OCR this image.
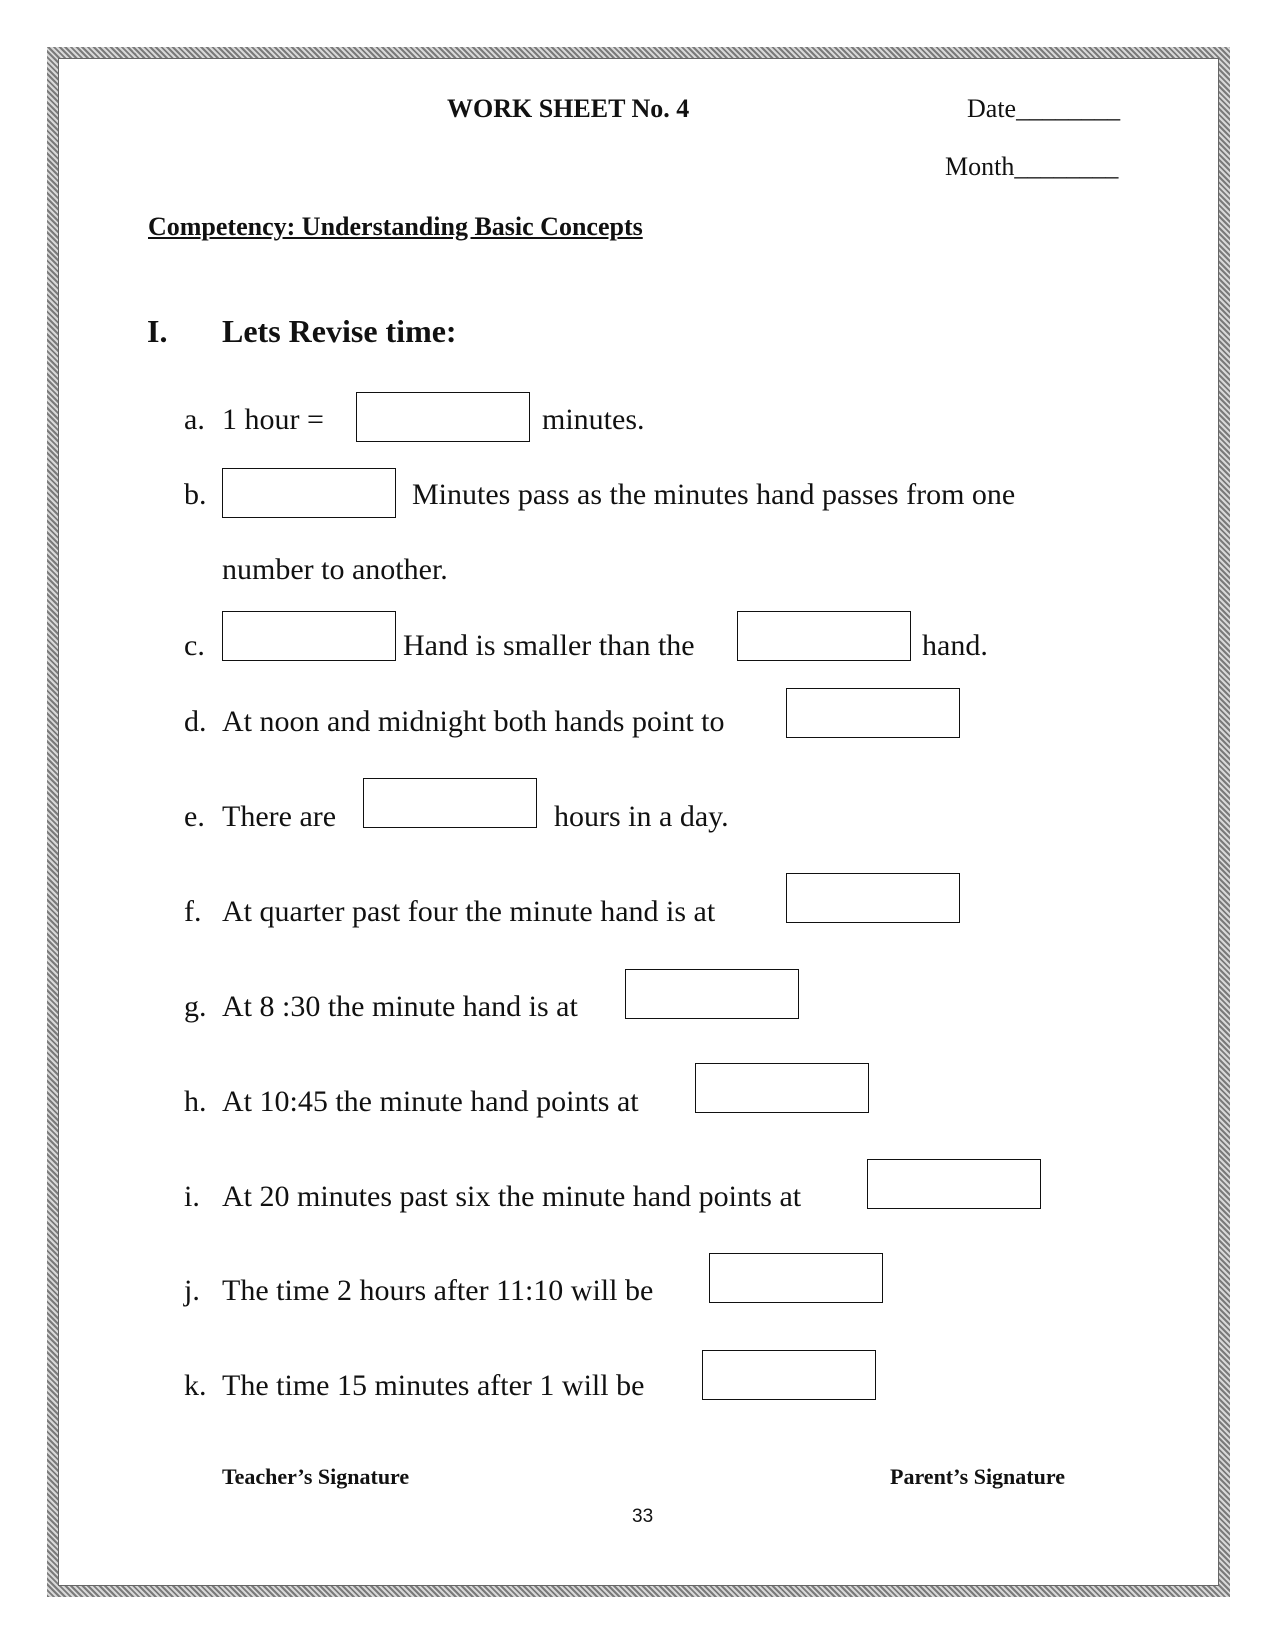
WORK SHEET No. 4	Date________
Month________
Competency: Understanding Basic Concepts
I. Lets Revise time:
a. 1 hour =	minutes.
b.	Minutes pass as the minutes hand passes from one
number to another.
c.	Hand is smaller than the	hand.
d. At noon and midnight both hands point to
e. There are	hours in a day.
f. At quarter past four the minute hand is at
g. At 8 :30 the minute hand is at
h. At 10:45 the minute hand points at
i. At 20 minutes past six the minute hand points at
j. The time 2 hours after 11:10 will be
k. The time 15 minutes after 1 will be
Teacher’s Signature	Parent’s Signature
33
